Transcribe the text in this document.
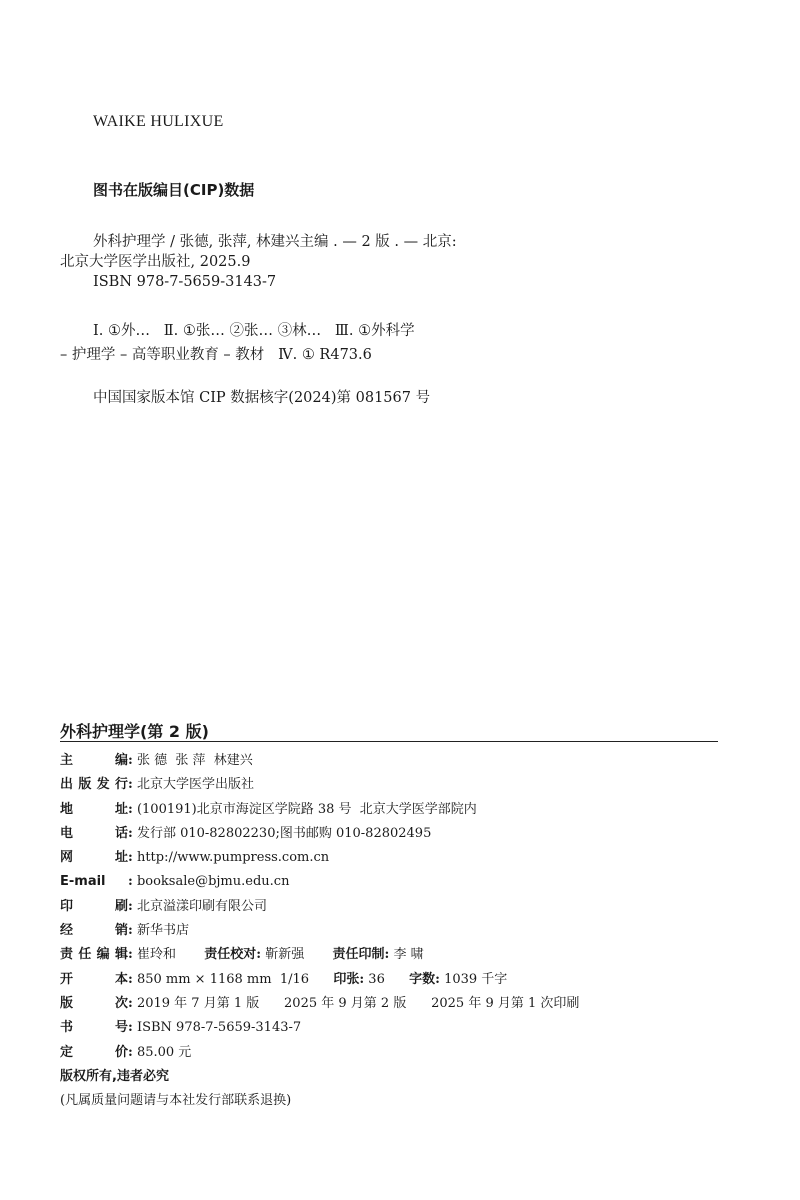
WAIKE HULIXUE
图书在版编目(CIP)数据
外科护理学 / 张德, 张萍, 林建兴主编 . — 2 版 . — 北京:
北京大学医学出版社, 2025.9
ISBN 978-7-5659-3143-7
Ⅰ. ①外…   Ⅱ. ①张… ②张… ③林…   Ⅲ. ①外科学
– 护理学 – 高等职业教育 – 教材   Ⅳ. ① R473.6
中国国家版本馆 CIP 数据核字(2024)第 081567 号
外科护理学(第 2 版)
主编: 张 德  张 萍  林建兴
出版发行: 北京大学医学出版社
地址: (100191)北京市海淀区学院路 38 号  北京大学医学部院内
电话: 发行部 010-82802230;图书邮购 010-82802495
网址: http://www.pumpress.com.cn
E-mail : booksale@bjmu.edu.cn
印刷: 北京溢漾印刷有限公司
经销: 新华书店
责任编辑: 崔玲和 责任校对: 靳新强 责任印制: 李 啸
开本: 850 mm × 1168 mm  1/16 印张: 36 字数: 1039 千字
版次: 2019 年 7 月第 1 版      2025 年 9 月第 2 版      2025 年 9 月第 1 次印刷
书号: ISBN 978-7-5659-3143-7
定价: 85.00 元
版权所有,违者必究
(凡属质量问题请与本社发行部联系退换)
